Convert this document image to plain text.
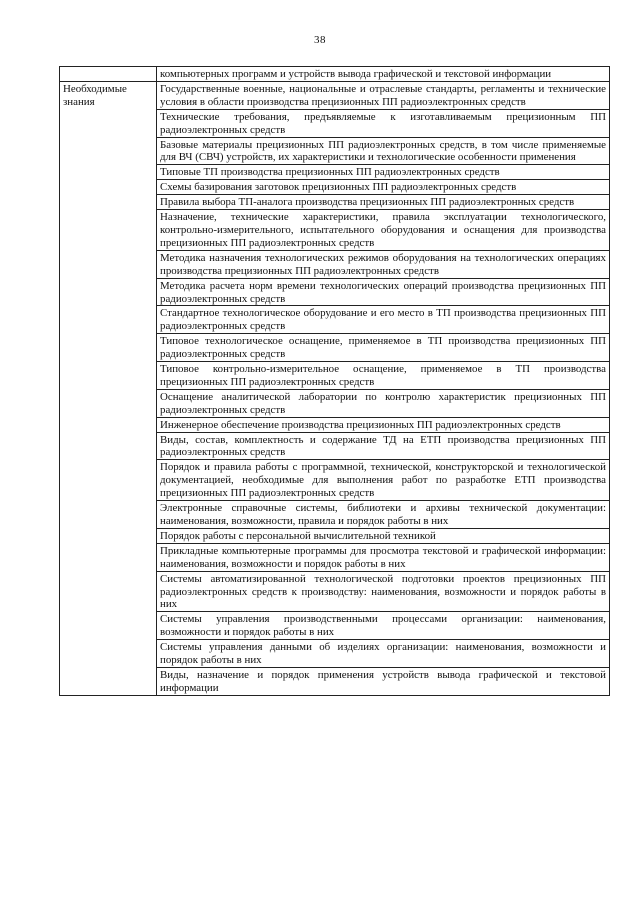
38
	компьютерных программ и устройств вывода графической и текстовой информации
Необходимые знания	Государственные военные, национальные и отраслевые стандарты, регламенты и технические условия в области производства прецизионных ПП радиоэлектронных средств
	Технические требования, предъявляемые к изготавливаемым прецизионным ПП радиоэлектронных средств
	Базовые материалы прецизионных ПП радиоэлектронных средств, в том числе применяемые для ВЧ (СВЧ) устройств, их характеристики и технологические особенности применения
	Типовые ТП производства прецизионных ПП радиоэлектронных средств
	Схемы базирования заготовок прецизионных ПП радиоэлектронных средств
	Правила выбора ТП-аналога производства прецизионных ПП радиоэлектронных средств
	Назначение, технические характеристики, правила эксплуатации технологического, контрольно-измерительного, испытательного оборудования и оснащения для производства прецизионных ПП радиоэлектронных средств
	Методика назначения технологических режимов оборудования на технологических операциях производства прецизионных ПП радиоэлектронных средств
	Методика расчета норм времени технологических операций производства прецизионных ПП радиоэлектронных средств
	Стандартное технологическое оборудование и его место в ТП производства прецизионных ПП радиоэлектронных средств
	Типовое технологическое оснащение, применяемое в ТП производства прецизионных ПП радиоэлектронных средств
	Типовое контрольно-измерительное оснащение, применяемое в ТП производства прецизионных ПП радиоэлектронных средств
	Оснащение аналитической лаборатории по контролю характеристик прецизионных ПП радиоэлектронных средств
	Инженерное обеспечение производства прецизионных ПП радиоэлектронных средств
	Виды, состав, комплектность и содержание ТД на ЕТП производства прецизионных ПП радиоэлектронных средств
	Порядок и правила работы с программной, технической, конструкторской и технологической документацией, необходимые для выполнения работ по разработке ЕТП производства прецизионных ПП радиоэлектронных средств
	Электронные справочные системы, библиотеки и архивы технической документации: наименования, возможности, правила и порядок работы в них
	Порядок работы с персональной вычислительной техникой
	Прикладные компьютерные программы для просмотра текстовой и графической информации: наименования, возможности и порядок работы в них
	Системы автоматизированной технологической подготовки проектов прецизионных ПП радиоэлектронных средств к производству: наименования, возможности и порядок работы в них
	Системы управления производственными процессами организации: наименования, возможности и порядок работы в них
	Системы управления данными об изделиях организации: наименования, возможности и порядок работы в них
	Виды, назначение и порядок применения устройств вывода графической и текстовой информации
